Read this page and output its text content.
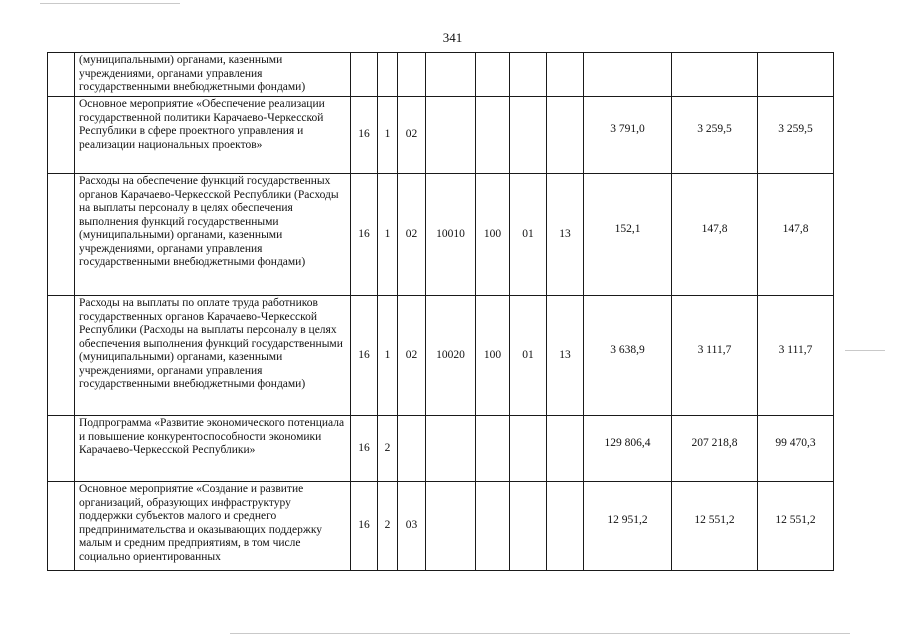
341
	(муниципальными) органами, казенными учреждениями, органами управления государственными внебюджетными фондами)										
	Основное мероприятие «Обеспечение реализации государственной политики Карачаево-Черкесской Республики в сфере проектного управления и реализации национальных проектов»	16	1	02					3 791,0	3 259,5	3 259,5
	Расходы на обеспечение функций государственных органов Карачаево-Черкесской Республики (Расходы на выплаты персоналу в целях обеспечения выполнения функций государственными (муниципальными) органами, казенными учреждениями, органами управления государственными внебюджетными фондами)	16	1	02	10010	100	01	13	152,1	147,8	147,8
	Расходы на выплаты по оплате труда работников государственных органов Карачаево-Черкесской Республики (Расходы на выплаты персоналу в целях обеспечения выполнения функций государственными (муниципальными) органами, казенными учреждениями, органами управления государственными внебюджетными фондами)	16	1	02	10020	100	01	13	3 638,9	3 111,7	3 111,7
	Подпрограмма «Развитие экономического потенциала и повышение конкурентоспособности экономики Карачаево-Черкесской Республики»	16	2						129 806,4	207 218,8	99 470,3
	Основное мероприятие «Создание и развитие организаций, образующих инфраструктуру поддержки субъектов малого и среднего предпринимательства и оказывающих поддержку малым и средним предприятиям, в том числе социально ориентированных	16	2	03					12 951,2	12 551,2	12 551,2
